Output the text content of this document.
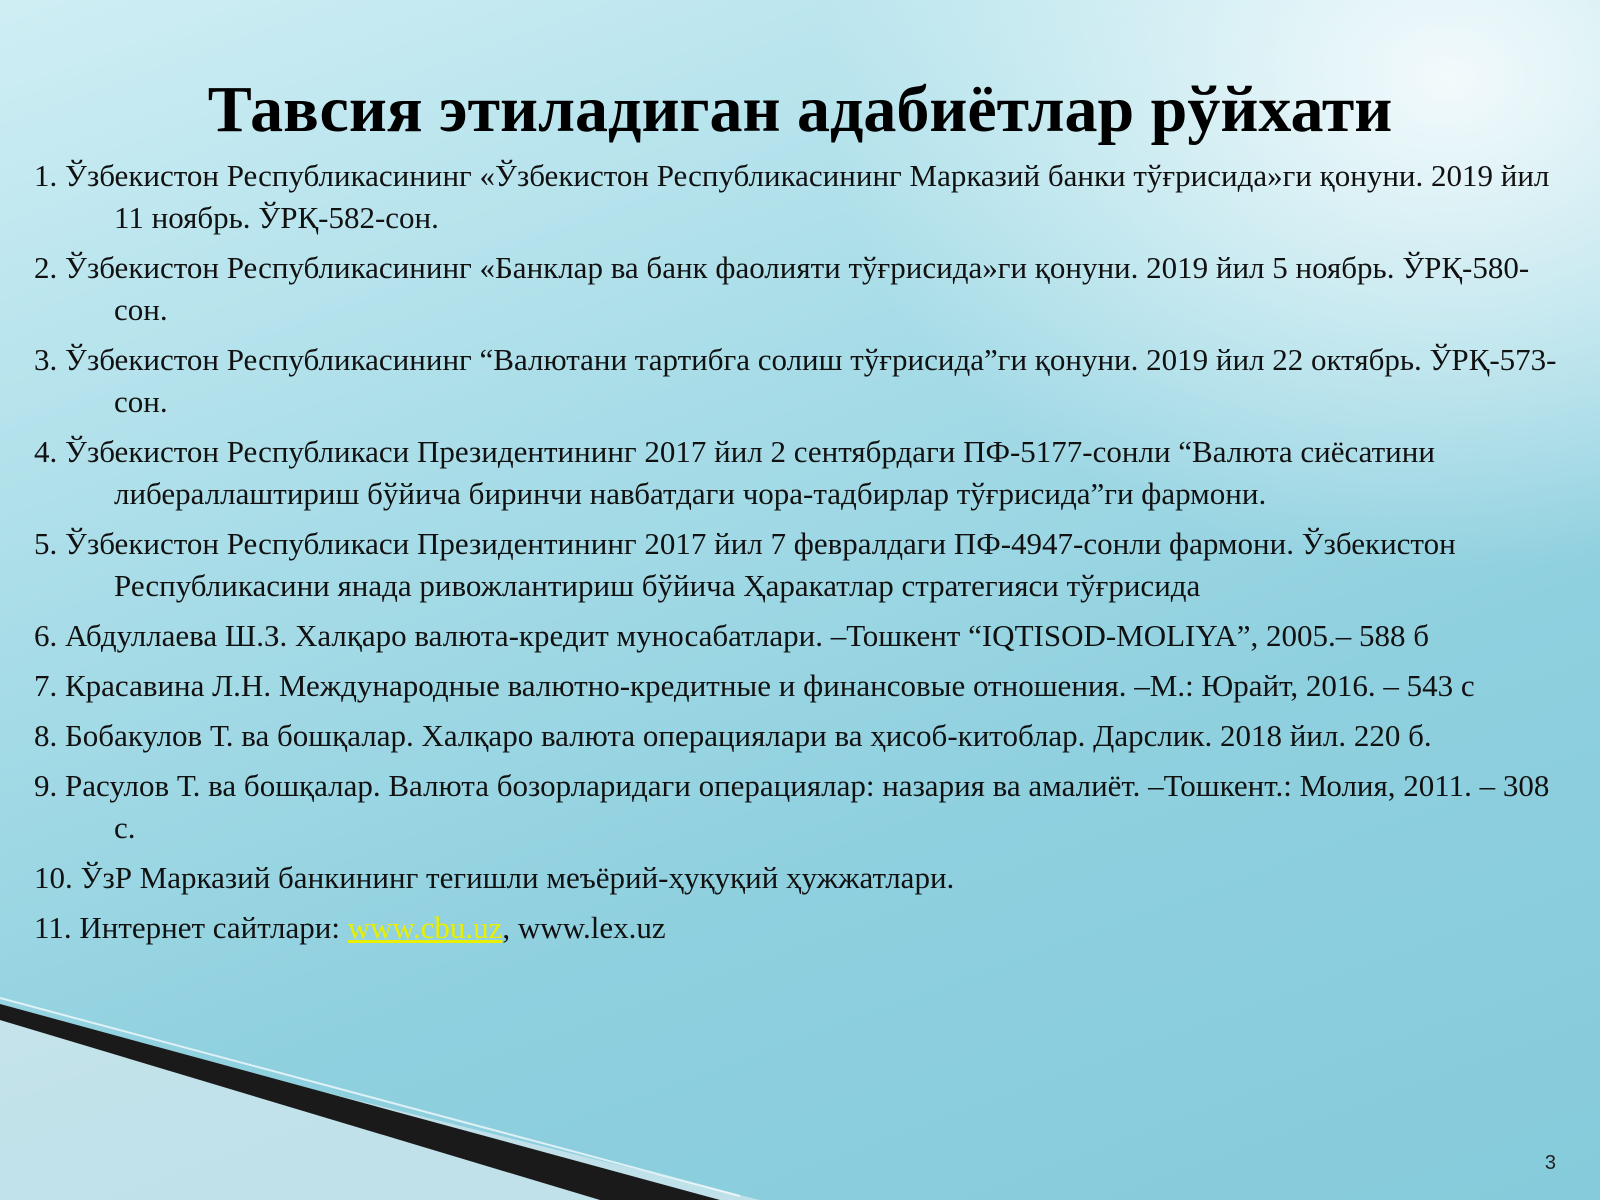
Тавсия этиладиган адабиётлар рўйхати
1. Ўзбекистон Республикасининг «Ўзбекистон Республикасининг Марказий банки тўғрисида»ги қонуни. 2019 йил 11 ноябрь. ЎРҚ-582-сон.
2. Ўзбекистон Республикасининг «Банклар ва банк фаолияти тўғрисида»ги қонуни. 2019 йил 5 ноябрь. ЎРҚ-580-сон.
3. Ўзбекистон Республикасининг “Валютани тартибга солиш тўғрисида”ги қонуни. 2019 йил 22 октябрь. ЎРҚ-573-сон.
4. Ўзбекистон Республикаси Президентининг 2017 йил 2 сентябрдаги ПФ-5177-сонли “Валюта сиёсатини либераллаштириш бўйича биринчи навбатдаги чора-тадбирлар тўғрисида”ги фармони.
5. Ўзбекистон Республикаси Президентининг 2017 йил 7 февралдаги ПФ-4947-сонли фармони. Ўзбекистон Республикасини янада ривожлантириш бўйича Ҳаракатлар стратегияси тўғрисида
6. Абдуллаева Ш.З. Халқаро валюта-кредит муносабатлари. –Тошкент “IQTISOD-MOLIYA”, 2005.– 588 б
7. Красавина Л.Н. Международные валютно-кредитные и финансовые отношения. –М.: Юрайт, 2016. – 543 с
8. Бобакулов Т. ва бошқалар. Халқаро валюта операциялари ва ҳисоб-китоблар. Дарслик. 2018 йил. 220 б.
9. Расулов Т. ва бошқалар. Валюта бозорларидаги операциялар: назария ва амалиёт. –Тошкент.: Молия, 2011. – 308 с.
10. ЎзР Марказий банкининг тегишли меъёрий-ҳуқуқий ҳужжатлари.
11. Интернет сайтлари: www.cbu.uz, www.lex.uz
3
